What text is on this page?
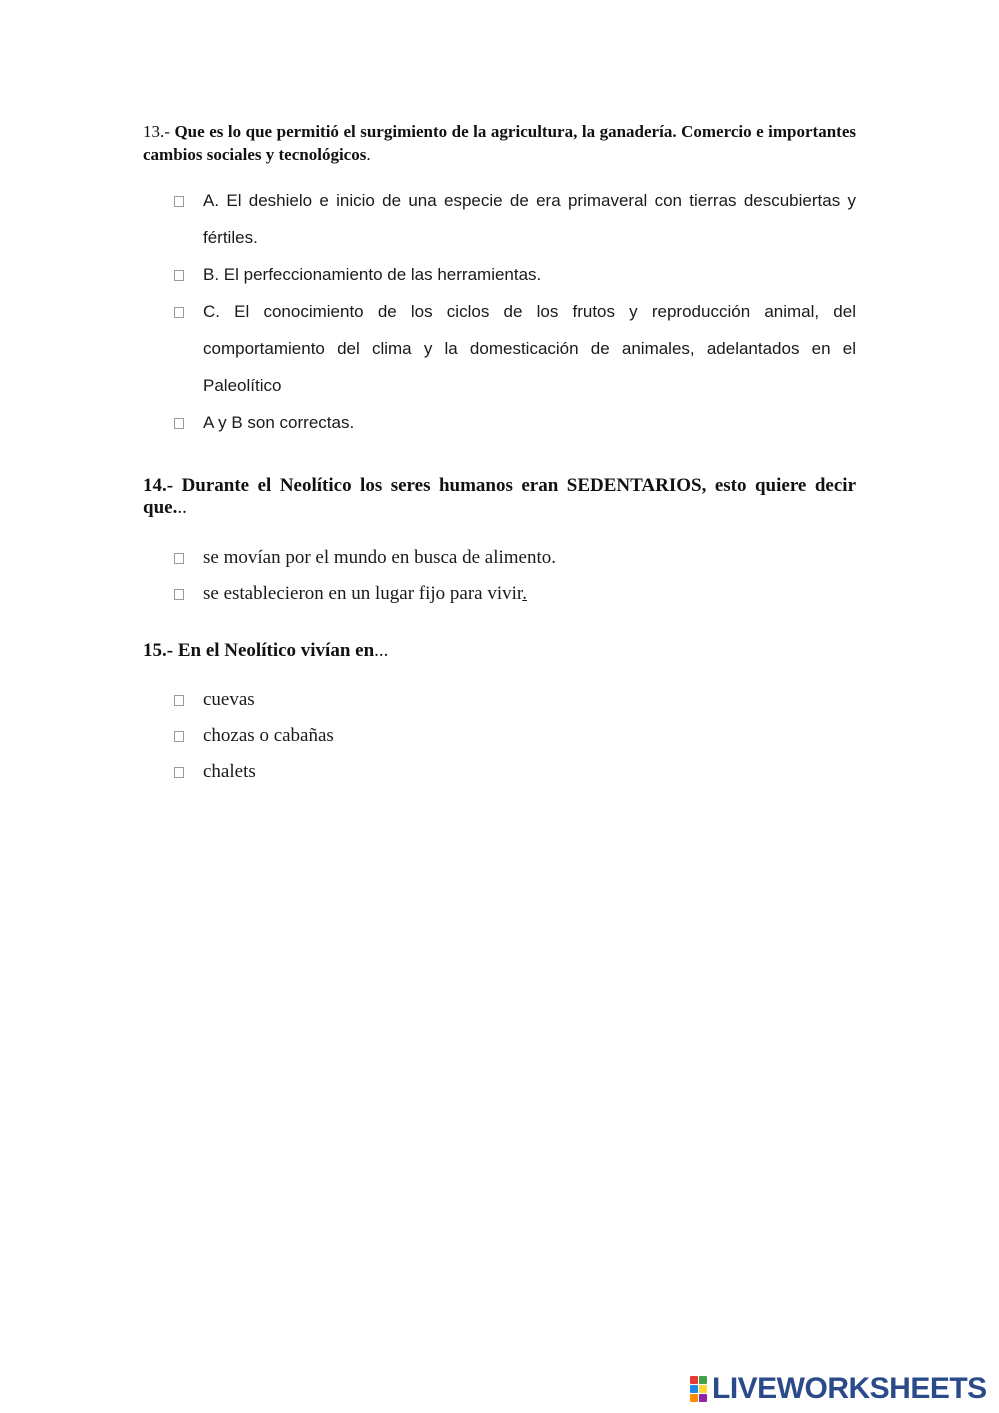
13.- Que es lo que permitió el surgimiento de la agricultura, la ganadería. Comercio e importantes cambios sociales y tecnológicos.

A. El deshielo e inicio de una especie de era primaveral con tierras descubiertas y fértiles.
B. El perfeccionamiento de las herramientas.
C. El conocimiento de los ciclos de los frutos y reproducción animal, del comportamiento del clima y la domesticación de animales, adelantados en el Paleolítico
A y B son correctas.

14.- Durante el Neolítico los seres humanos eran SEDENTARIOS, esto quiere decir que...

se movían por el mundo en busca de alimento.
se establecieron en un lugar fijo para vivir.

15.- En el Neolítico vivían en...

cuevas
chozas o cabañas
chalets
LIVEWORKSHEETS
